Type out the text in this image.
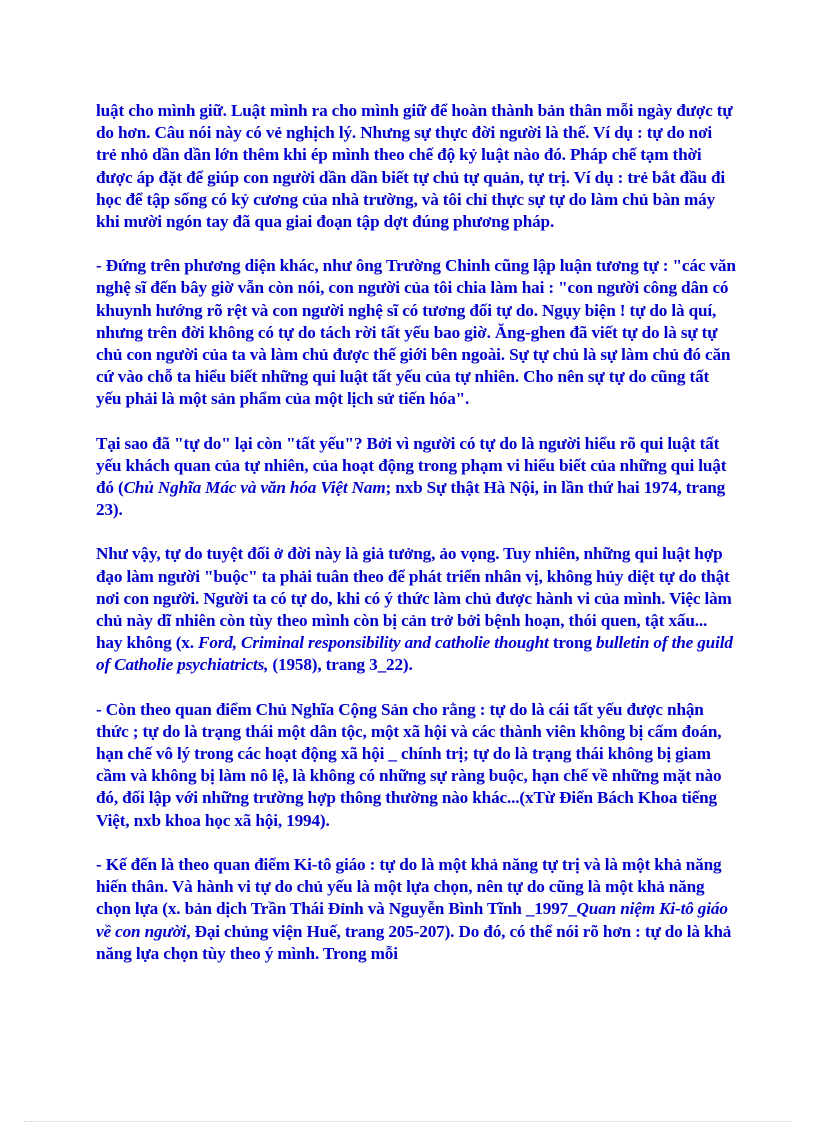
luật cho mình giữ. Luật mình ra cho mình giữ để hoàn thành bản thân mỗi ngày được tự do hơn. Câu nói này có vẻ nghịch lý. Nhưng sự thực đời người là thế. Ví dụ : tự do nơi trẻ nhỏ dần dần lớn thêm khi ép mình theo chế độ kỷ luật nào đó. Pháp chế tạm thời được áp đặt để giúp con người dần dần biết tự chủ tự quản, tự trị. Ví dụ : trẻ bắt đầu đi học để tập sống có kỷ cương của nhà trường, và tôi chỉ thực sự tự do làm chủ bàn máy khi mười ngón tay đã qua giai đoạn tập dợt đúng phương pháp.

- Đứng trên phương diện khác, như ông Trường Chinh cũng lập luận tương tự : "các văn nghệ sĩ đến bây giờ vẫn còn nói, con người của tôi chia làm hai : "con người công dân có khuynh hướng rõ rệt và con người nghệ sĩ có tương đối tự do. Ngụy biện ! tự do là quí, nhưng trên đời không có tự do tách rời tất yếu bao giờ. Ăng-ghen đã viết tự do là sự tự chủ con người của ta và làm chủ được thế giới bên ngoài. Sự tự chủ là sự làm chủ đó căn cứ vào chỗ ta hiểu biết những qui luật tất yếu của tự nhiên. Cho nên sự tự do cũng tất yếu phải là một sản phẩm của một lịch sử tiến hóa".

Tại sao đã "tự do" lại còn "tất yếu"? Bởi vì người có tự do là người hiểu rõ qui luật tất yếu khách quan của tự nhiên, của hoạt động trong phạm vi hiểu biết của những qui luật đó (Chủ Nghĩa Mác và văn hóa Việt Nam; nxb Sự thật Hà Nội, in lần thứ hai 1974, trang 23).

Như vậy, tự do tuyệt đối ở đời này là giả tưởng, ảo vọng. Tuy nhiên, những qui luật hợp đạo làm người "buộc" ta phải tuân theo để phát triển nhân vị, không hủy diệt tự do thật nơi con người. Người ta có tự do, khi có ý thức làm chủ được hành vi của mình. Việc làm chủ này dĩ nhiên còn tùy theo mình còn bị cản trở bởi bệnh hoạn, thói quen, tật xấu... hay không (x. Ford, Criminal responsibility and catholie thought trong bulletin of the guild of Catholie psychiatricts, (1958), trang 3_22).

- Còn theo quan điểm Chủ Nghĩa Cộng Sản cho rằng : tự do là cái tất yếu được nhận thức ; tự do là trạng thái một dân tộc, một xã hội và các thành viên không bị cấm đoán, hạn chế vô lý trong các hoạt động xã hội _ chính trị; tự do là trạng thái không bị giam cầm và không bị làm nô lệ, là không có những sự ràng buộc, hạn chế về những mặt nào đó, đối lập với những trường hợp thông thường nào khác...(xTừ Điển Bách Khoa tiếng Việt, nxb khoa học xã hội, 1994).

- Kế đến là theo quan điểm Ki-tô giáo : tự do là một khả năng tự trị và là một khả năng hiến thân. Và hành vi tự do chủ yếu là một lựa chọn, nên tự do cũng là một khả năng chọn lựa (x. bản dịch Trần Thái Đỉnh và Nguyễn Bình Tĩnh _1997_Quan niệm Ki-tô giáo về con người, Đại chủng viện Huế, trang 205-207). Do đó, có thể nói rõ hơn : tự do là khả năng lựa chọn tùy theo ý mình. Trong mỗi
